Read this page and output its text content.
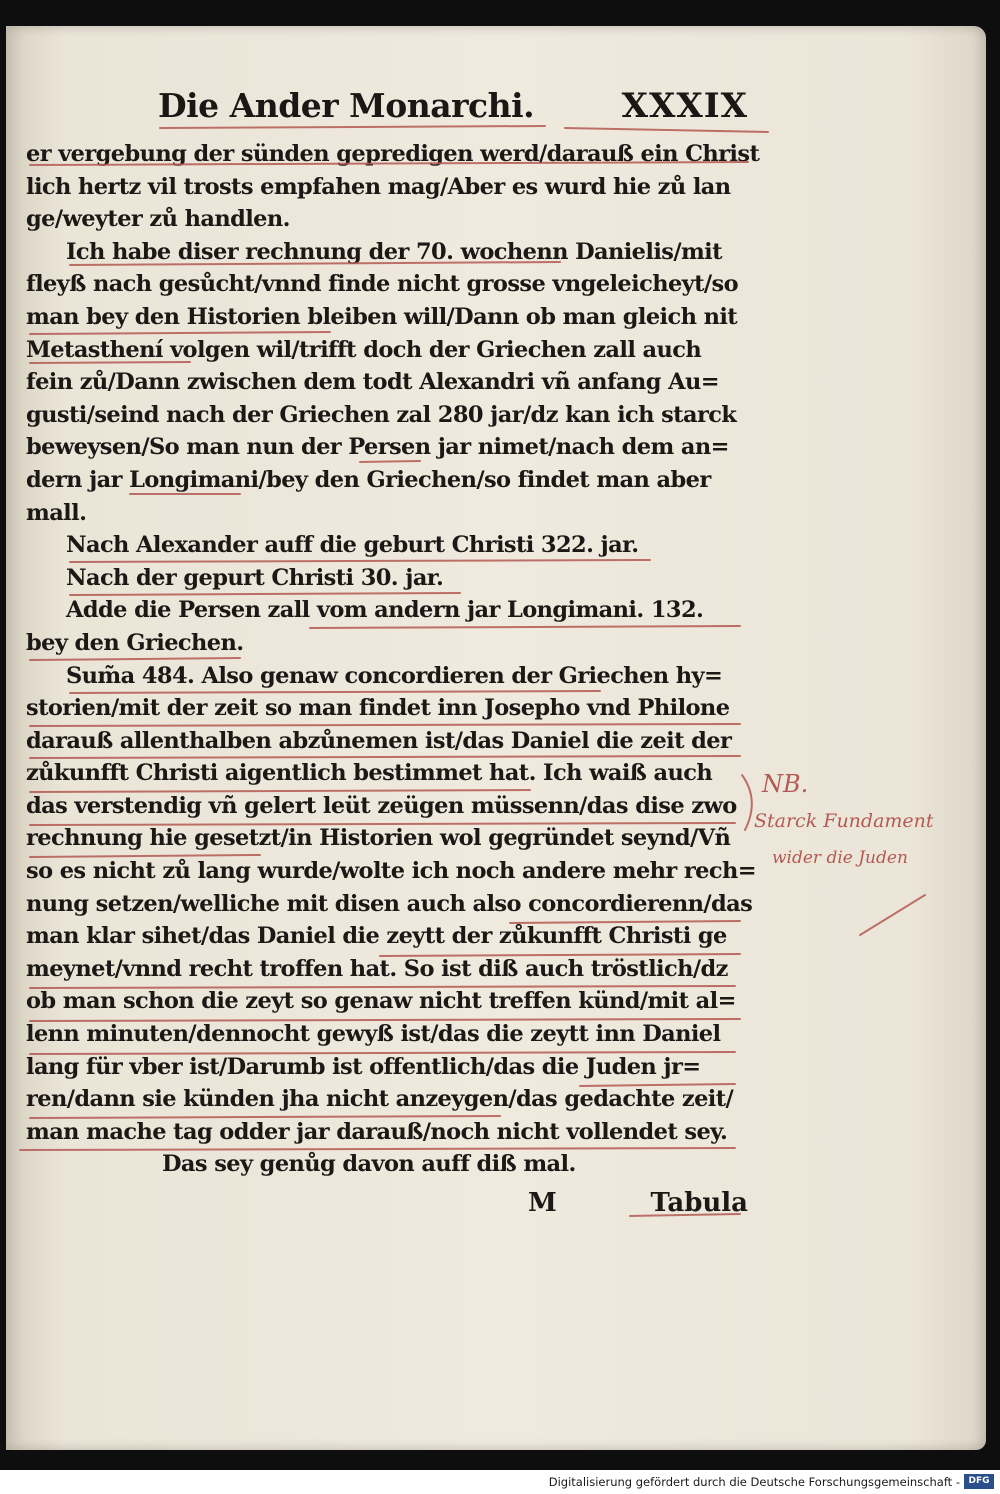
Die Ander Monarchi.	XXXIX
er vergebung der sünden gepredigen werd/darauß ein Christ
lich hertz vil trosts empfahen mag/Aber es wurd hie zů lan
ge/weyter zů handlen.
Ich habe diser rechnung der 70. wochenn Danielis/mit
fleyß nach gesůcht/vnnd finde nicht grosse vngeleicheyt/so
man bey den Historien bleiben will/Dann ob man gleich nit
Metasthení volgen wil/trifft doch der Griechen zall auch
fein zů/Dann zwischen dem todt Alexandri vñ anfang Au=
gusti/seind nach der Griechen zal 280 jar/dz kan ich starck
beweysen/So man nun der Persen jar nimet/nach dem an=
dern jar Longimani/bey den Griechen/so findet man aber
mall.
Nach Alexander auff die geburt Christi 322. jar.
Nach der gepurt Christi 30. jar.
Adde die Persen zall vom andern jar Longimani. 132.
bey den Griechen.
Sum̃a 484. Also genaw concordieren der Griechen hy=
storien/mit der zeit so man findet inn Josepho vnd Philone
darauß allenthalben abzůnemen ist/das Daniel die zeit der
zůkunfft Christi aigentlich bestimmet hat. Ich waiß auch
das verstendig vñ gelert leüt zeügen müssenn/das dise zwo
rechnung hie gesetzt/in Historien wol gegründet seynd/Vñ
so es nicht zů lang wurde/wolte ich noch andere mehr rech=
nung setzen/welliche mit disen auch also concordierenn/das
man klar sihet/das Daniel die zeytt der zůkunfft Christi ge
meynet/vnnd recht troffen hat. So ist diß auch tröstlich/dz
ob man schon die zeyt so genaw nicht treffen künd/mit al=
lenn minuten/dennocht gewyß ist/das die zeytt inn Daniel
lang für vber ist/Darumb ist offentlich/das die Juden jr=
ren/dann sie künden jha nicht anzeygen/das gedachte zeit/
man mache tag odder jar darauß/noch nicht vollendet sey.
Das sey genůg davon auff diß mal.
NB.
Starck Fundament
wider die Juden
M	Tabula
Digitalisierung gefördert durch die Deutsche Forschungsgemeinschaft - DFG
